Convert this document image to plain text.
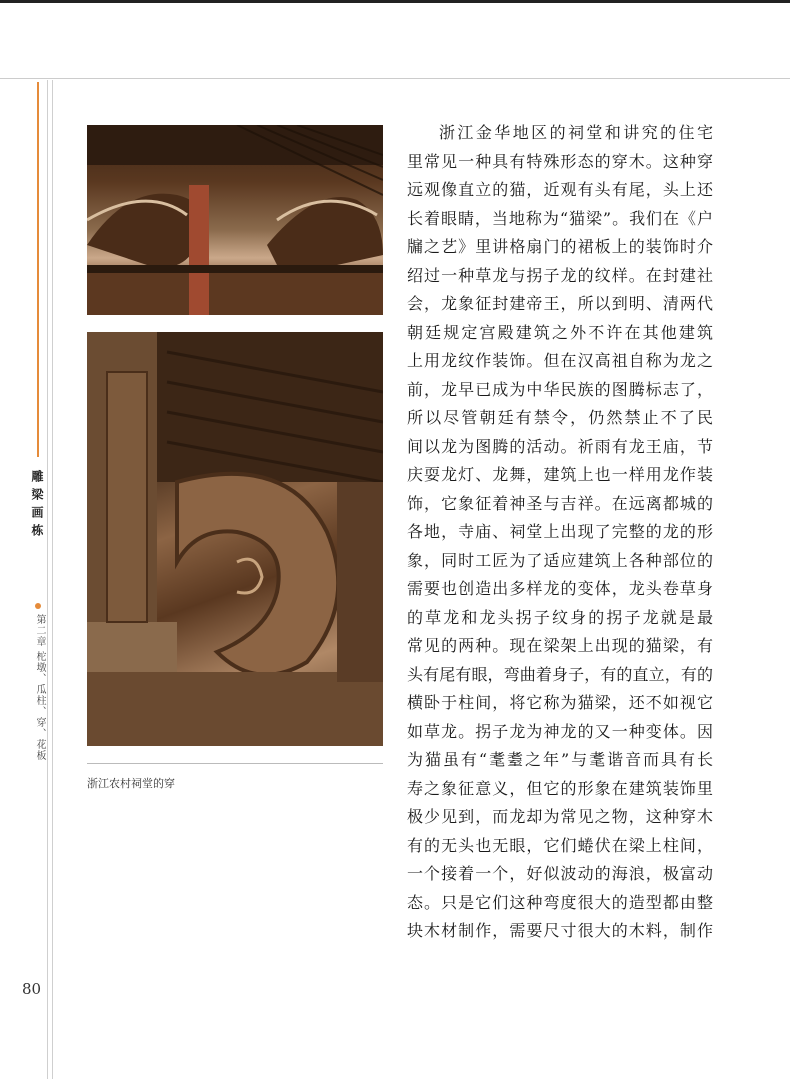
雕梁画栋
第二章 柁墩、瓜柱、穿、花板
浙江农村祠堂的穿
浙江金华地区的祠堂和讲究的住宅
里常见一种具有特殊形态的穿木。这种穿
远观像直立的猫，近观有头有尾，头上还
长着眼睛，当地称为“猫梁”。我们在《户
牖之艺》里讲格扇门的裙板上的装饰时介
绍过一种草龙与拐子龙的纹样。在封建社
会，龙象征封建帝王，所以到明、清两代
朝廷规定宫殿建筑之外不许在其他建筑
上用龙纹作装饰。但在汉高祖自称为龙之
前，龙早已成为中华民族的图腾标志了，
所以尽管朝廷有禁令，仍然禁止不了民
间以龙为图腾的活动。祈雨有龙王庙，节
庆耍龙灯、龙舞，建筑上也一样用龙作装
饰，它象征着神圣与吉祥。在远离都城的
各地，寺庙、祠堂上出现了完整的龙的形
象，同时工匠为了适应建筑上各种部位的
需要也创造出多样龙的变体，龙头卷草身
的草龙和龙头拐子纹身的拐子龙就是最
常见的两种。现在梁架上出现的猫梁，有
头有尾有眼，弯曲着身子，有的直立，有的
横卧于柱间，将它称为猫梁，还不如视它
如草龙。拐子龙为神龙的又一种变体。因
为猫虽有“耄耋之年”与耄谐音而具有长
寿之象征意义，但它的形象在建筑装饰里
极少见到，而龙却为常见之物，这种穿木
有的无头也无眼，它们蜷伏在梁上柱间，
一个接着一个，好似波动的海浪，极富动
态。只是它们这种弯度很大的造型都由整
块木材制作，需要尺寸很大的木料，制作
80
